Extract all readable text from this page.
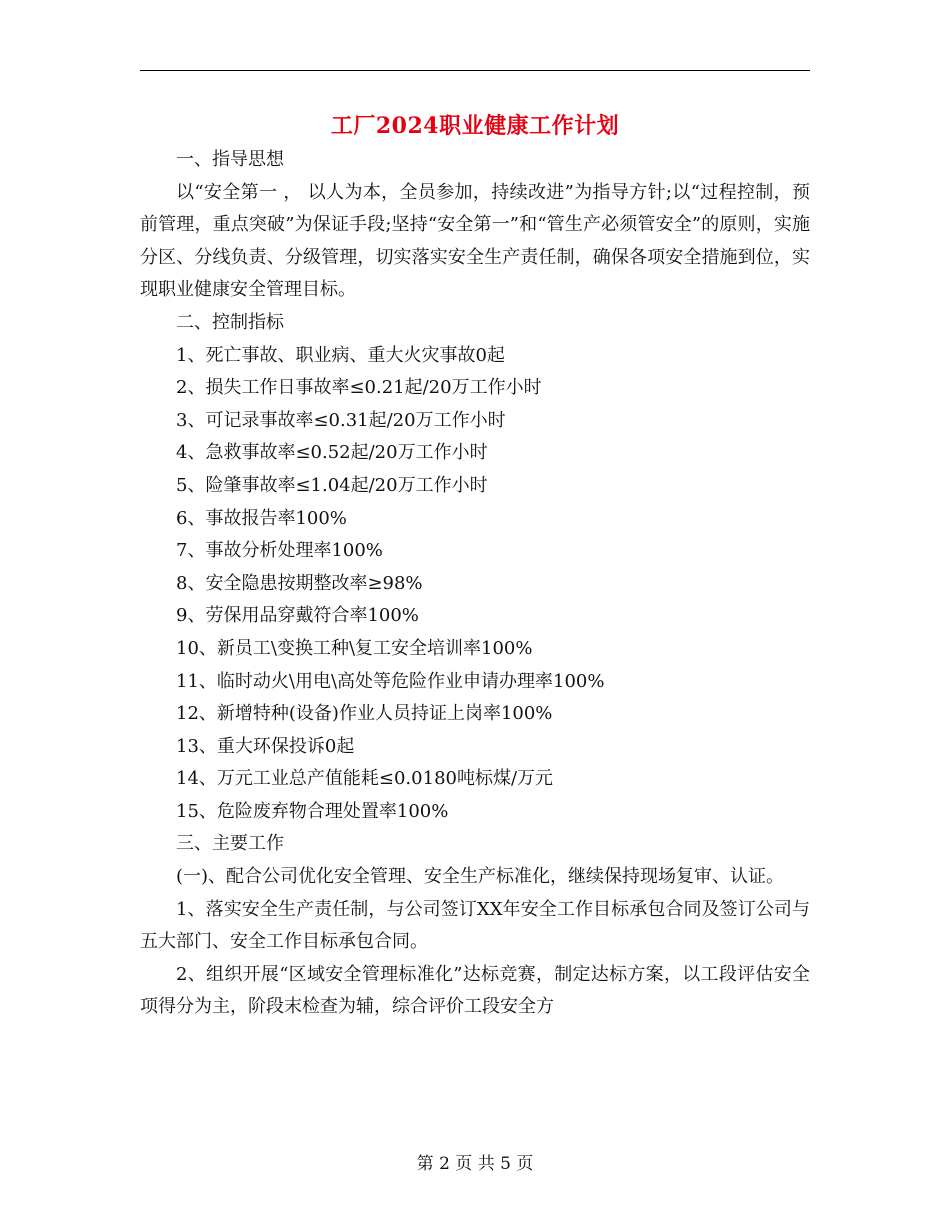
工厂2024职业健康工作计划

一、指导思想

以“安全第一 ， 以人为本，全员参加，持续改进”为指导方针;以“过程控制，预前管理，重点突破”为保证手段;坚持“安全第一”和“管生产必须管安全”的原则，实施分区、分线负责、分级管理，切实落实安全生产责任制，确保各项安全措施到位，实现职业健康安全管理目标。

二、控制指标

1、死亡事故、职业病、重大火灾事故0起

2、损失工作日事故率≤0.21起/20万工作小时

3、可记录事故率≤0.31起/20万工作小时

4、急救事故率≤0.52起/20万工作小时

5、险肇事故率≤1.04起/20万工作小时

6、事故报告率100%

7、事故分析处理率100%

8、安全隐患按期整改率≥98%

9、劳保用品穿戴符合率100%

10、新员工\变换工种\复工安全培训率100%

11、临时动火\用电\高处等危险作业申请办理率100%

12、新增特种(设备)作业人员持证上岗率100%

13、重大环保投诉0起

14、万元工业总产值能耗≤0.0180吨标煤/万元

15、危险废弃物合理处置率100%

三、主要工作

(一)、配合公司优化安全管理、安全生产标准化，继续保持现场复审、认证。

1、落实安全生产责任制，与公司签订XX年安全工作目标承包合同及签订公司与五大部门、安全工作目标承包合同。

2、组织开展“区域安全管理标准化”达标竞赛，制定达标方案，以工段评估安全项得分为主，阶段末检查为辅，综合评价工段安全方

第 2 页 共 5 页
